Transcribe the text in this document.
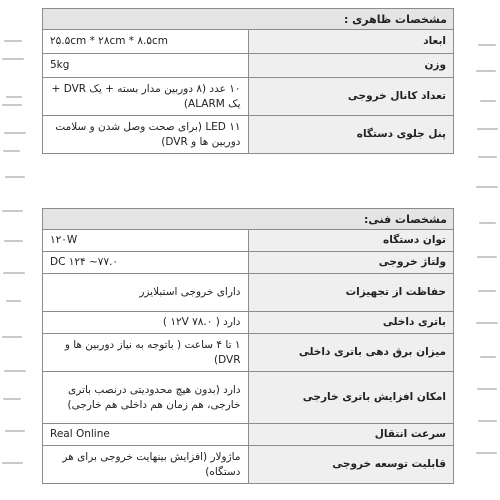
مشخصات ظاهری :	
ابعاد	۲۵.۵cm * ۲۸cm * ۸.۵cm
وزن	5kg
تعداد کانال خروجی	۱۰ عدد (۸ دوربین مدار بسته + یک DVR + یک ALARM)
پنل جلوی دستگاه	LED ۱۱ (برای صحت وصل شدن و سلامت دوربین ها و DVR)
مشخصات فنی:	
توان دستگاه	۱۲۰W
ولتاژ خروجی	DC ۱۲۴ ~۷۷.۰
حفاظت از تجهیزات	دارای خروجی استبلایزر
باتری داخلی	دارد ( ۱۲V ۷۸.۰ )
میزان برق دهی باتری داخلی	۱ تا ۴ ساعت ( باتوجه به نیاز دوربین ها و DVR)
امکان افزایش باتری خارجی	دارد (بدون هیچ محدودیتی درنصب باتری خارجی، هم زمان هم داخلی هم خارجی)
سرعت انتقال	Real Online
قابلیت توسعه خروجی	ماژولار (افزایش بینهایت خروجی برای هر دستگاه)
